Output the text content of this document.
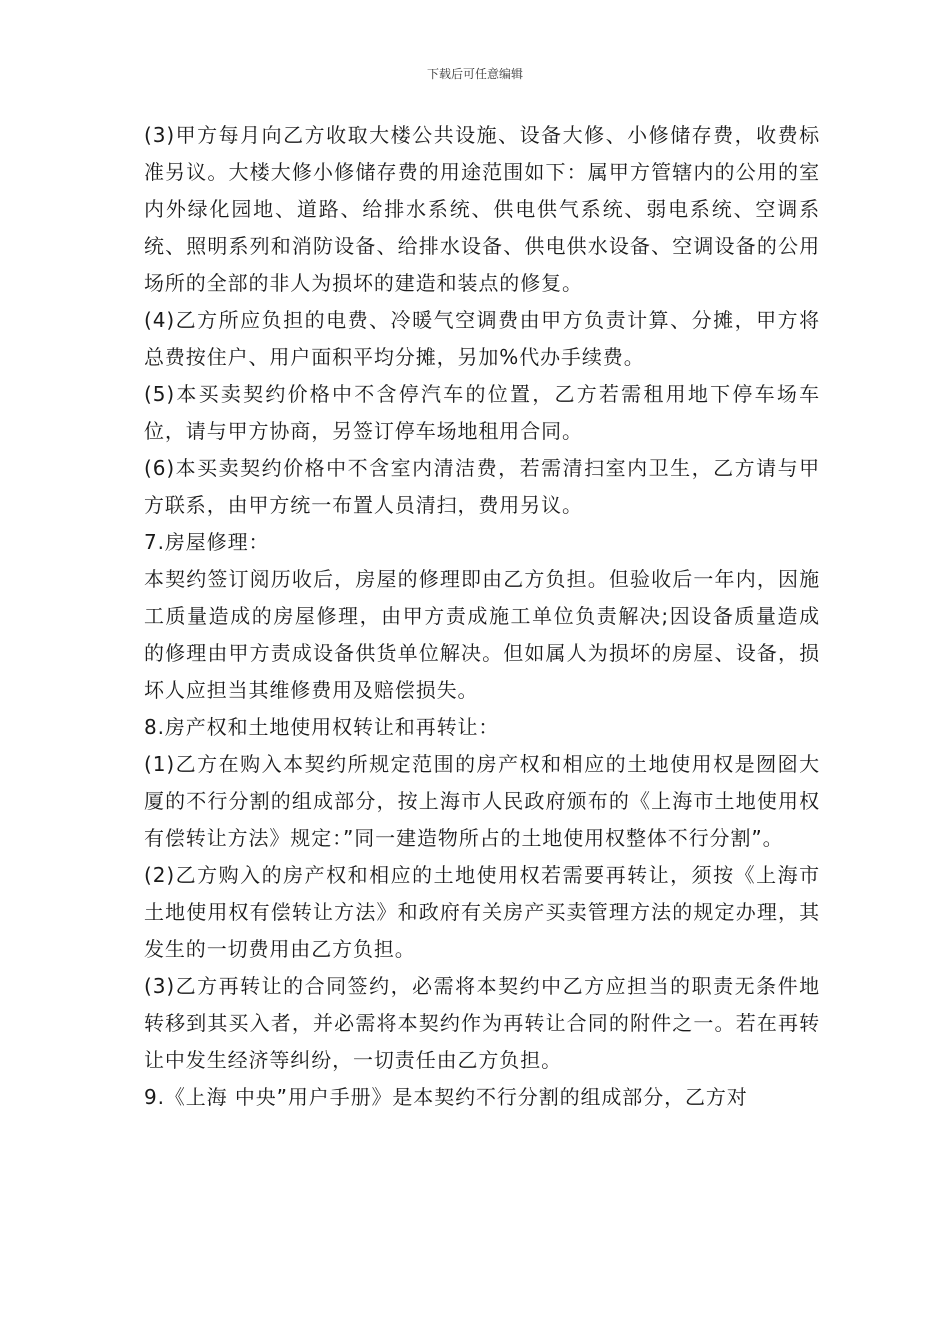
下载后可任意编辑

(3)甲方每月向乙方收取大楼公共设施、设备大修、小修储存费，收费标准另议。大楼大修小修储存费的用途范围如下：属甲方管辖内的公用的室内外绿化园地、道路、给排水系统、供电供气系统、弱电系统、空调系统、照明系列和消防设备、给排水设备、供电供水设备、空调设备的公用场所的全部的非人为损坏的建造和装点的修复。

(4)乙方所应负担的电费、冷暖气空调费由甲方负责计算、分摊，甲方将总费按住户、用户面积平均分摊，另加%代办手续费。

(5)本买卖契约价格中不含停汽车的位置，乙方若需租用地下停车场车位，请与甲方协商，另签订停车场地租用合同。

(6)本买卖契约价格中不含室内清洁费，若需清扫室内卫生，乙方请与甲方联系，由甲方统一布置人员清扫，费用另议。

7.房屋修理：

本契约签订阅历收后，房屋的修理即由乙方负担。但验收后一年内，因施工质量造成的房屋修理，由甲方责成施工单位负责解决;因设备质量造成的修理由甲方责成设备供货单位解决。但如属人为损坏的房屋、设备，损坏人应担当其维修费用及赔偿损失。

8.房产权和土地使用权转让和再转让：

(1)乙方在购入本契约所规定范围的房产权和相应的土地使用权是囫囵大厦的不行分割的组成部分，按上海市人民政府颁布的《上海市土地使用权有偿转让方法》规定：”同一建造物所占的土地使用权整体不行分割”。

(2)乙方购入的房产权和相应的土地使用权若需要再转让，须按《上海市土地使用权有偿转让方法》和政府有关房产买卖管理方法的规定办理，其发生的一切费用由乙方负担。

(3)乙方再转让的合同签约，必需将本契约中乙方应担当的职责无条件地转移到其买入者，并必需将本契约作为再转让合同的附件之一。若在再转让中发生经济等纠纷，一切责任由乙方负担。

9.《上海 中央”用户手册》是本契约不行分割的组成部分，乙方对
